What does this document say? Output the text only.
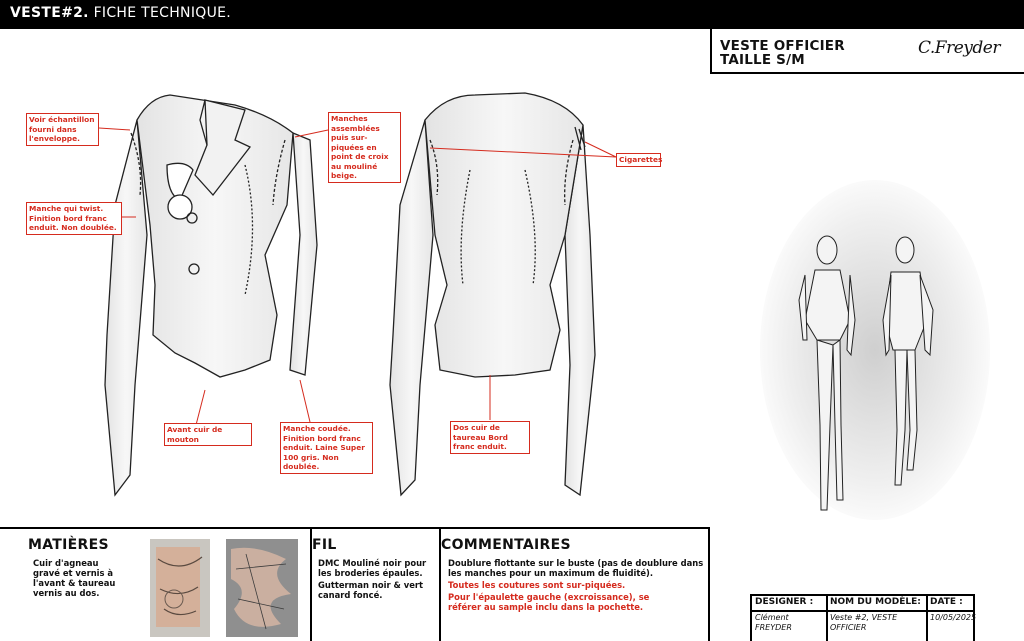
VESTE#2. FICHE TECHNIQUE.
VESTE OFFICIER
TAILLE S/M
C.Freyder
Voir échantillon fourni dans l'enveloppe.
Manche qui twist. Finition bord franc enduit. Non doublée.
Manches assemblées puis sur-piquées en point de croix au mouliné beige.
Cigarettes
Avant cuir de mouton
Manche coudée. Finition bord franc enduit. Laine Super 100 gris. Non doublée.
Dos cuir de taureau Bord franc enduit.
MATIÈRES
Cuir d'agneau gravé et vernis à l'avant & taureau vernis au dos.
FIL
DMC Mouliné noir pour les broderies épaules.
Gutterman noir & vert canard foncé.
COMMENTAIRES
Doublure flottante sur le buste (pas de doublure dans les manches pour un maximum de fluidité).
Toutes les coutures sont sur-piquées.
Pour l'épaulette gauche (excroissance), se référer au sample inclu dans la pochette.	DESIGNER :
Clément FREYDER
NOM DU MODÈLE:
Veste #2, VESTE OFFICIER
DATE :
10/05/2025
